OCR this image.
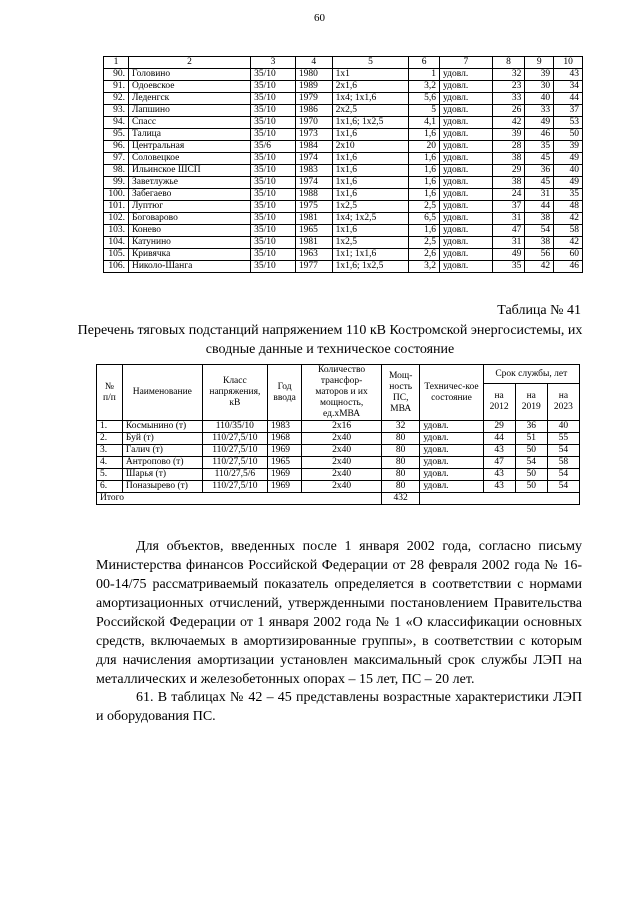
60
1	2	3	4	5	6	7	8	9	10
90.	Головино	35/10	1980	1x1	1	удовл.	32	39	43
91.	Одоевское	35/10	1989	2x1,6	3,2	удовл.	23	30	34
92.	Леденгск	35/10	1979	1x4; 1x1,6	5,6	удовл.	33	40	44
93.	Лапшино	35/10	1986	2x2,5	5	удовл.	26	33	37
94.	Спасс	35/10	1970	1x1,6; 1x2,5	4,1	удовл.	42	49	53
95.	Талица	35/10	1973	1x1,6	1,6	удовл.	39	46	50
96.	Центральная	35/6	1984	2x10	20	удовл.	28	35	39
97.	Соловецкое	35/10	1974	1x1,6	1,6	удовл.	38	45	49
98.	Ильинское ШСП	35/10	1983	1x1,6	1,6	удовл.	29	36	40
99.	Заветлужье	35/10	1974	1x1,6	1,6	удовл.	38	45	49
100.	Забегаево	35/10	1988	1x1,6	1,6	удовл.	24	31	35
101.	Луптюг	35/10	1975	1x2,5	2,5	удовл.	37	44	48
102.	Боговарово	35/10	1981	1x4; 1x2,5	6,5	удовл.	31	38	42
103.	Конево	35/10	1965	1x1,6	1,6	удовл.	47	54	58
104.	Катунино	35/10	1981	1x2,5	2,5	удовл.	31	38	42
105.	Кривячка	35/10	1963	1x1; 1x1,6	2,6	удовл.	49	56	60
106.	Николо-Шанга	35/10	1977	1x1,6; 1x2,5	3,2	удовл.	35	42	46
Таблица № 41
Перечень тяговых подстанций напряжением 110 кВ Костромской энергосистемы, их сводные данные и техническое состояние
№ п/п	Наименование	Класс напряжения, кВ	Год ввода	Количество трансфор-маторов и их мощность, ед.хМВА	Мощ-ность ПС, МВА	Техничес-кое состояние	Срок службы, лет		
							на 2012	на 2019	на 2023
1.	Космынино (т)	110/35/10	1983	2x16	32	удовл.	29	36	40
2.	Буй (т)	110/27,5/10	1968	2x40	80	удовл.	44	51	55
3.	Галич (т)	110/27,5/10	1969	2x40	80	удовл.	43	50	54
4.	Антропово (т)	110/27,5/10	1965	2x40	80	удовл.	47	54	58
5.	Шарья (т)	110/27,5/6	1969	2x40	80	удовл.	43	50	54
6.	Поназырево (т)	110/27,5/10	1969	2x40	80	удовл.	43	50	54
Итого					432				
Для объектов, введенных после 1 января 2002 года, согласно письму Министерства финансов Российской Федерации от 28 февраля 2002 года № 16-00-14/75 рассматриваемый показатель определяется в соответствии с нормами амортизационных отчислений, утвержденными постановлением Правительства Российской Федерации от 1 января 2002 года № 1 «О классификации основных средств, включаемых в амортизированные группы», в соответствии с которым для начисления амортизации установлен максимальный срок службы ЛЭП на металлических и железобетонных опорах – 15 лет, ПС – 20 лет.
61. В таблицах № 42 – 45 представлены возрастные характеристики ЛЭП и оборудования ПС.
